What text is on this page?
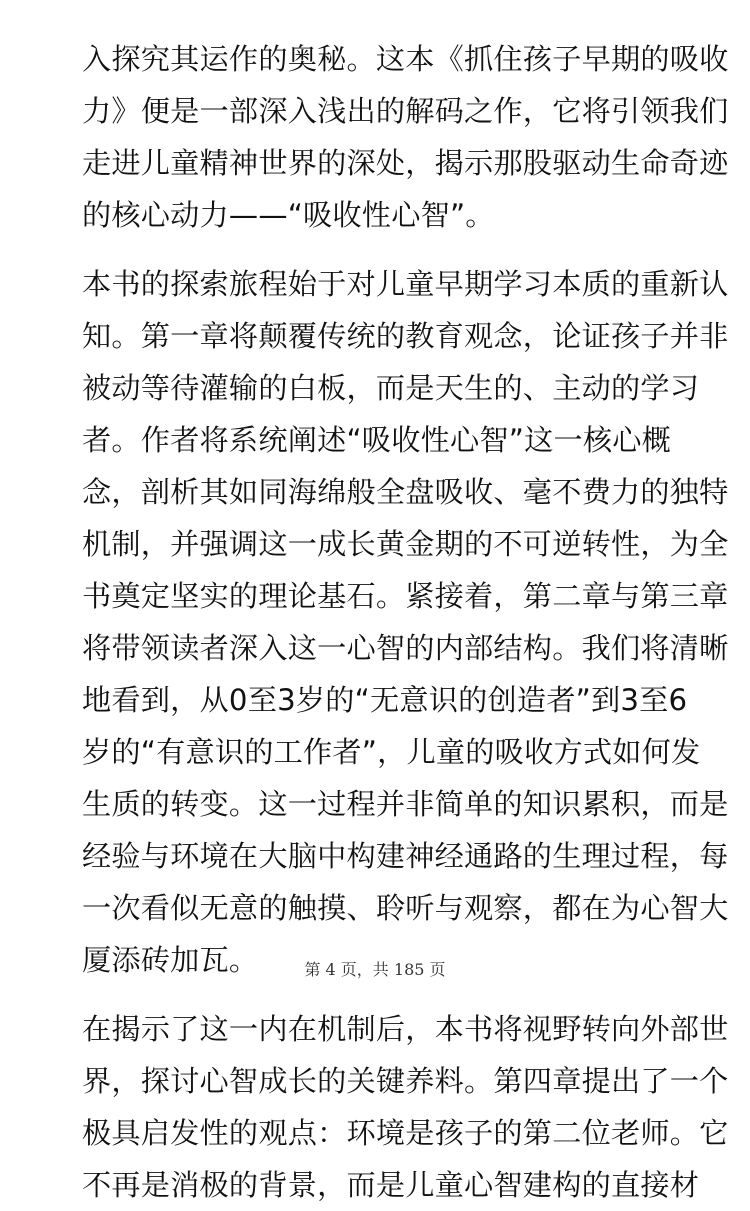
入探究其运作的奥秘。这本《抓住孩子早期的吸收
力》便是一部深入浅出的解码之作，它将引领我们
走进儿童精神世界的深处，揭示那股驱动生命奇迹
的核心动力——“吸收性心智”。

本书的探索旅程始于对儿童早期学习本质的重新认
知。第一章将颠覆传统的教育观念，论证孩子并非
被动等待灌输的白板，而是天生的、主动的学习
者。作者将系统阐述“吸收性心智”这一核心概
念，剖析其如同海绵般全盘吸收、毫不费力的独特
机制，并强调这一成长黄金期的不可逆转性，为全
书奠定坚实的理论基石。紧接着，第二章与第三章
将带领读者深入这一心智的内部结构。我们将清晰
地看到，从0至3岁的“无意识的创造者”到3至6
岁的“有意识的工作者”，儿童的吸收方式如何发
生质的转变。这一过程并非简单的知识累积，而是
经验与环境在大脑中构建神经通路的生理过程，每
一次看似无意的触摸、聆听与观察，都在为心智大
厦添砖加瓦。

在揭示了这一内在机制后，本书将视野转向外部世
界，探讨心智成长的关键养料。第四章提出了一个
极具启发性的观点：环境是孩子的第二位老师。它
不再是消极的背景，而是儿童心智建构的直接材

第 4 页，共 185 页
